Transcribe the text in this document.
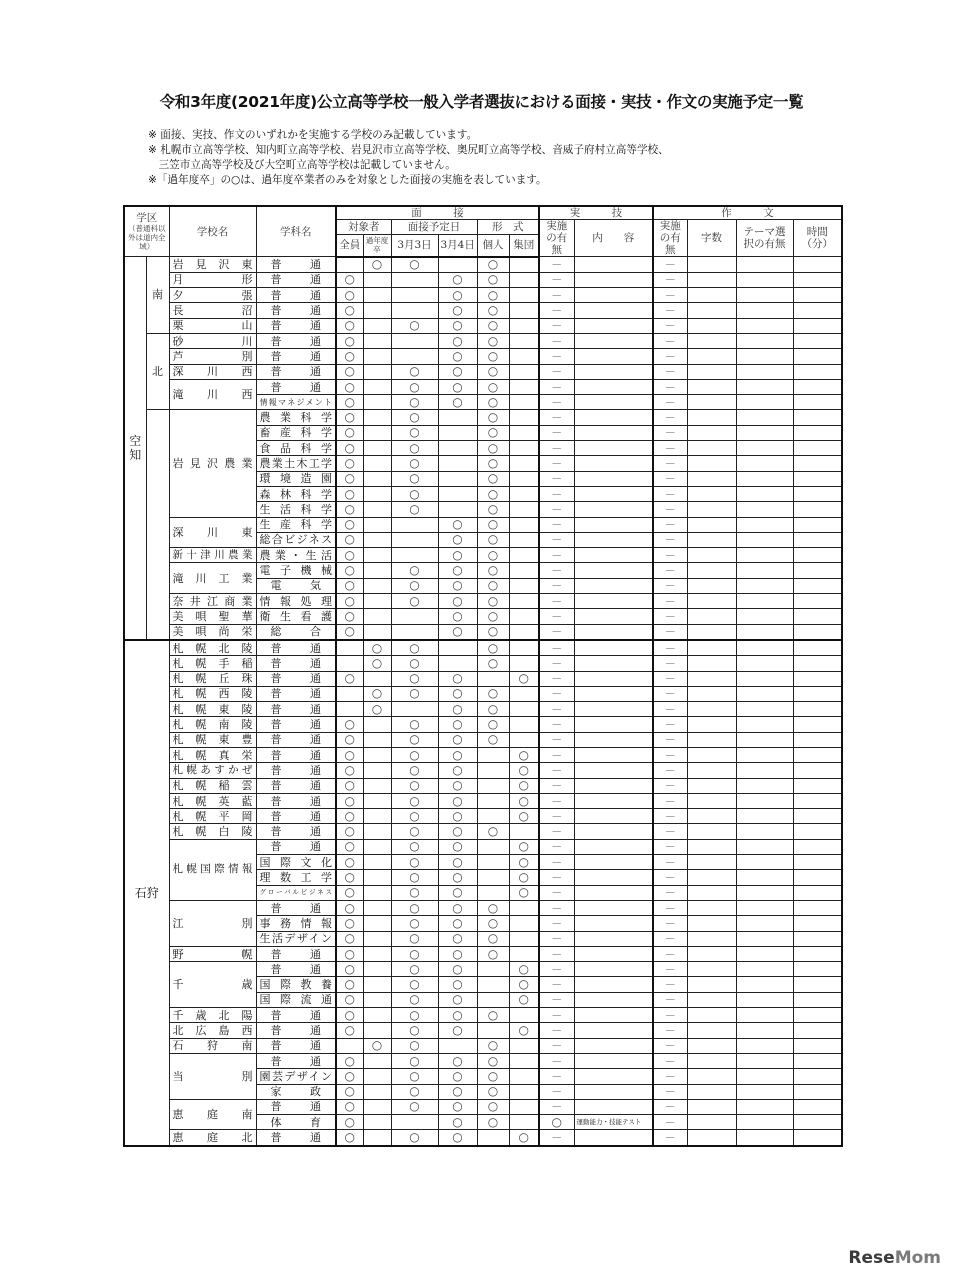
令和3年度(2021年度)公立高等学校一般入学者選抜における面接・実技・作文の実施予定一覧
※ 面接、実技、作文のいずれかを実施する学校のみ記載しています。
※ 札幌市立高等学校、知内町立高等学校、岩見沢市立高等学校、奥尻町立高等学校、音威子府村立高等学校、
　三笠市立高等学校及び大空町立高等学校は記載していません。
※「過年度卒」の○は、過年度卒業者のみを対象とした面接の実施を表しています。
学区
（普通科以外は道内全域）		学校名	学科名	面　　　接						実　　　技		作　　　文			
				対象者		面接予定日		形　式		実施の有無	内　　容	実施の有無	字数	テーマ選択の有無	時間（分）
				全員	過年度卒	3月3日	3月4日	個人	集団						
空知	南	岩見沢東	普通		○	○		○		－		－			
		月形	普通	○			○	○		－		－			
		夕張	普通	○			○	○		－		－			
		長沼	普通	○			○	○		－		－			
		栗山	普通	○		○	○	○		－		－			
	北	砂川	普通	○			○	○		－		－			
		芦別	普通	○			○	○		－		－			
		深川西	普通	○		○	○	○		－		－			
		滝川西	普通	○		○	○	○		－		－			
			情報マネジメント	○		○	○	○		－		－			
		岩見沢農業	農業科学	○		○		○		－		－			
			畜産科学	○		○		○		－		－			
			食品科学	○		○		○		－		－			
			農業土木工学	○		○		○		－		－			
			環境造園	○		○		○		－		－			
			森林科学	○		○		○		－		－			
			生活科学	○		○		○		－		－			
		深川東	生産科学	○			○	○		－		－			
			総合ビジネス	○			○	○		－		－			
		新十津川農業	農業・生活	○			○	○		－		－			
		滝川工業	電子機械	○		○	○	○		－		－			
			電気	○		○	○	○		－		－			
		奈井江商業	情報処理	○		○	○	○		－		－			
		美唄聖華	衛生看護	○			○	○		－		－			
		美唄尚栄	総合	○			○	○		－		－			
石狩		札幌北陵	普通		○	○		○		－		－			
		札幌手稲	普通		○	○		○		－		－			
		札幌丘珠	普通	○		○	○		○	－		－			
		札幌西陵	普通		○	○	○	○		－		－			
		札幌東陵	普通		○		○	○		－		－			
		札幌南陵	普通	○		○	○	○		－		－			
		札幌東豊	普通	○		○	○	○		－		－			
		札幌真栄	普通	○		○	○		○	－		－			
		札幌あすかぜ	普通	○		○	○		○	－		－			
		札幌稲雲	普通	○		○	○		○	－		－			
		札幌英藍	普通	○		○	○		○	－		－			
		札幌平岡	普通	○		○	○		○	－		－			
		札幌白陵	普通	○		○	○	○		－		－			
		札幌国際情報	普通	○		○	○		○	－		－			
			国際文化	○		○	○		○	－		－			
			理数工学	○		○	○		○	－		－			
			グローバルビジネス	○		○	○		○	－		－			
		江別	普通	○		○	○	○		－		－			
			事務情報	○		○	○	○		－		－			
			生活デザイン	○		○	○	○		－		－			
		野幌	普通	○		○	○	○		－		－			
		千歳	普通	○		○	○		○	－		－			
			国際教養	○		○	○		○	－		－			
			国際流通	○		○	○		○	－		－			
		千歳北陽	普通	○		○	○	○		－		－			
		北広島西	普通	○		○	○		○	－		－			
		石狩南	普通		○	○		○		－		－			
		当別	普通	○		○	○	○		－		－			
			園芸デザイン	○		○	○	○		－		－			
			家政	○		○	○	○		－		－			
		恵庭南	普通	○		○	○	○		－		－			
			体育	○			○	○		○	運動能力・技能テスト	－			
		恵庭北	普通	○		○	○		○	－		－			
ReseMom
